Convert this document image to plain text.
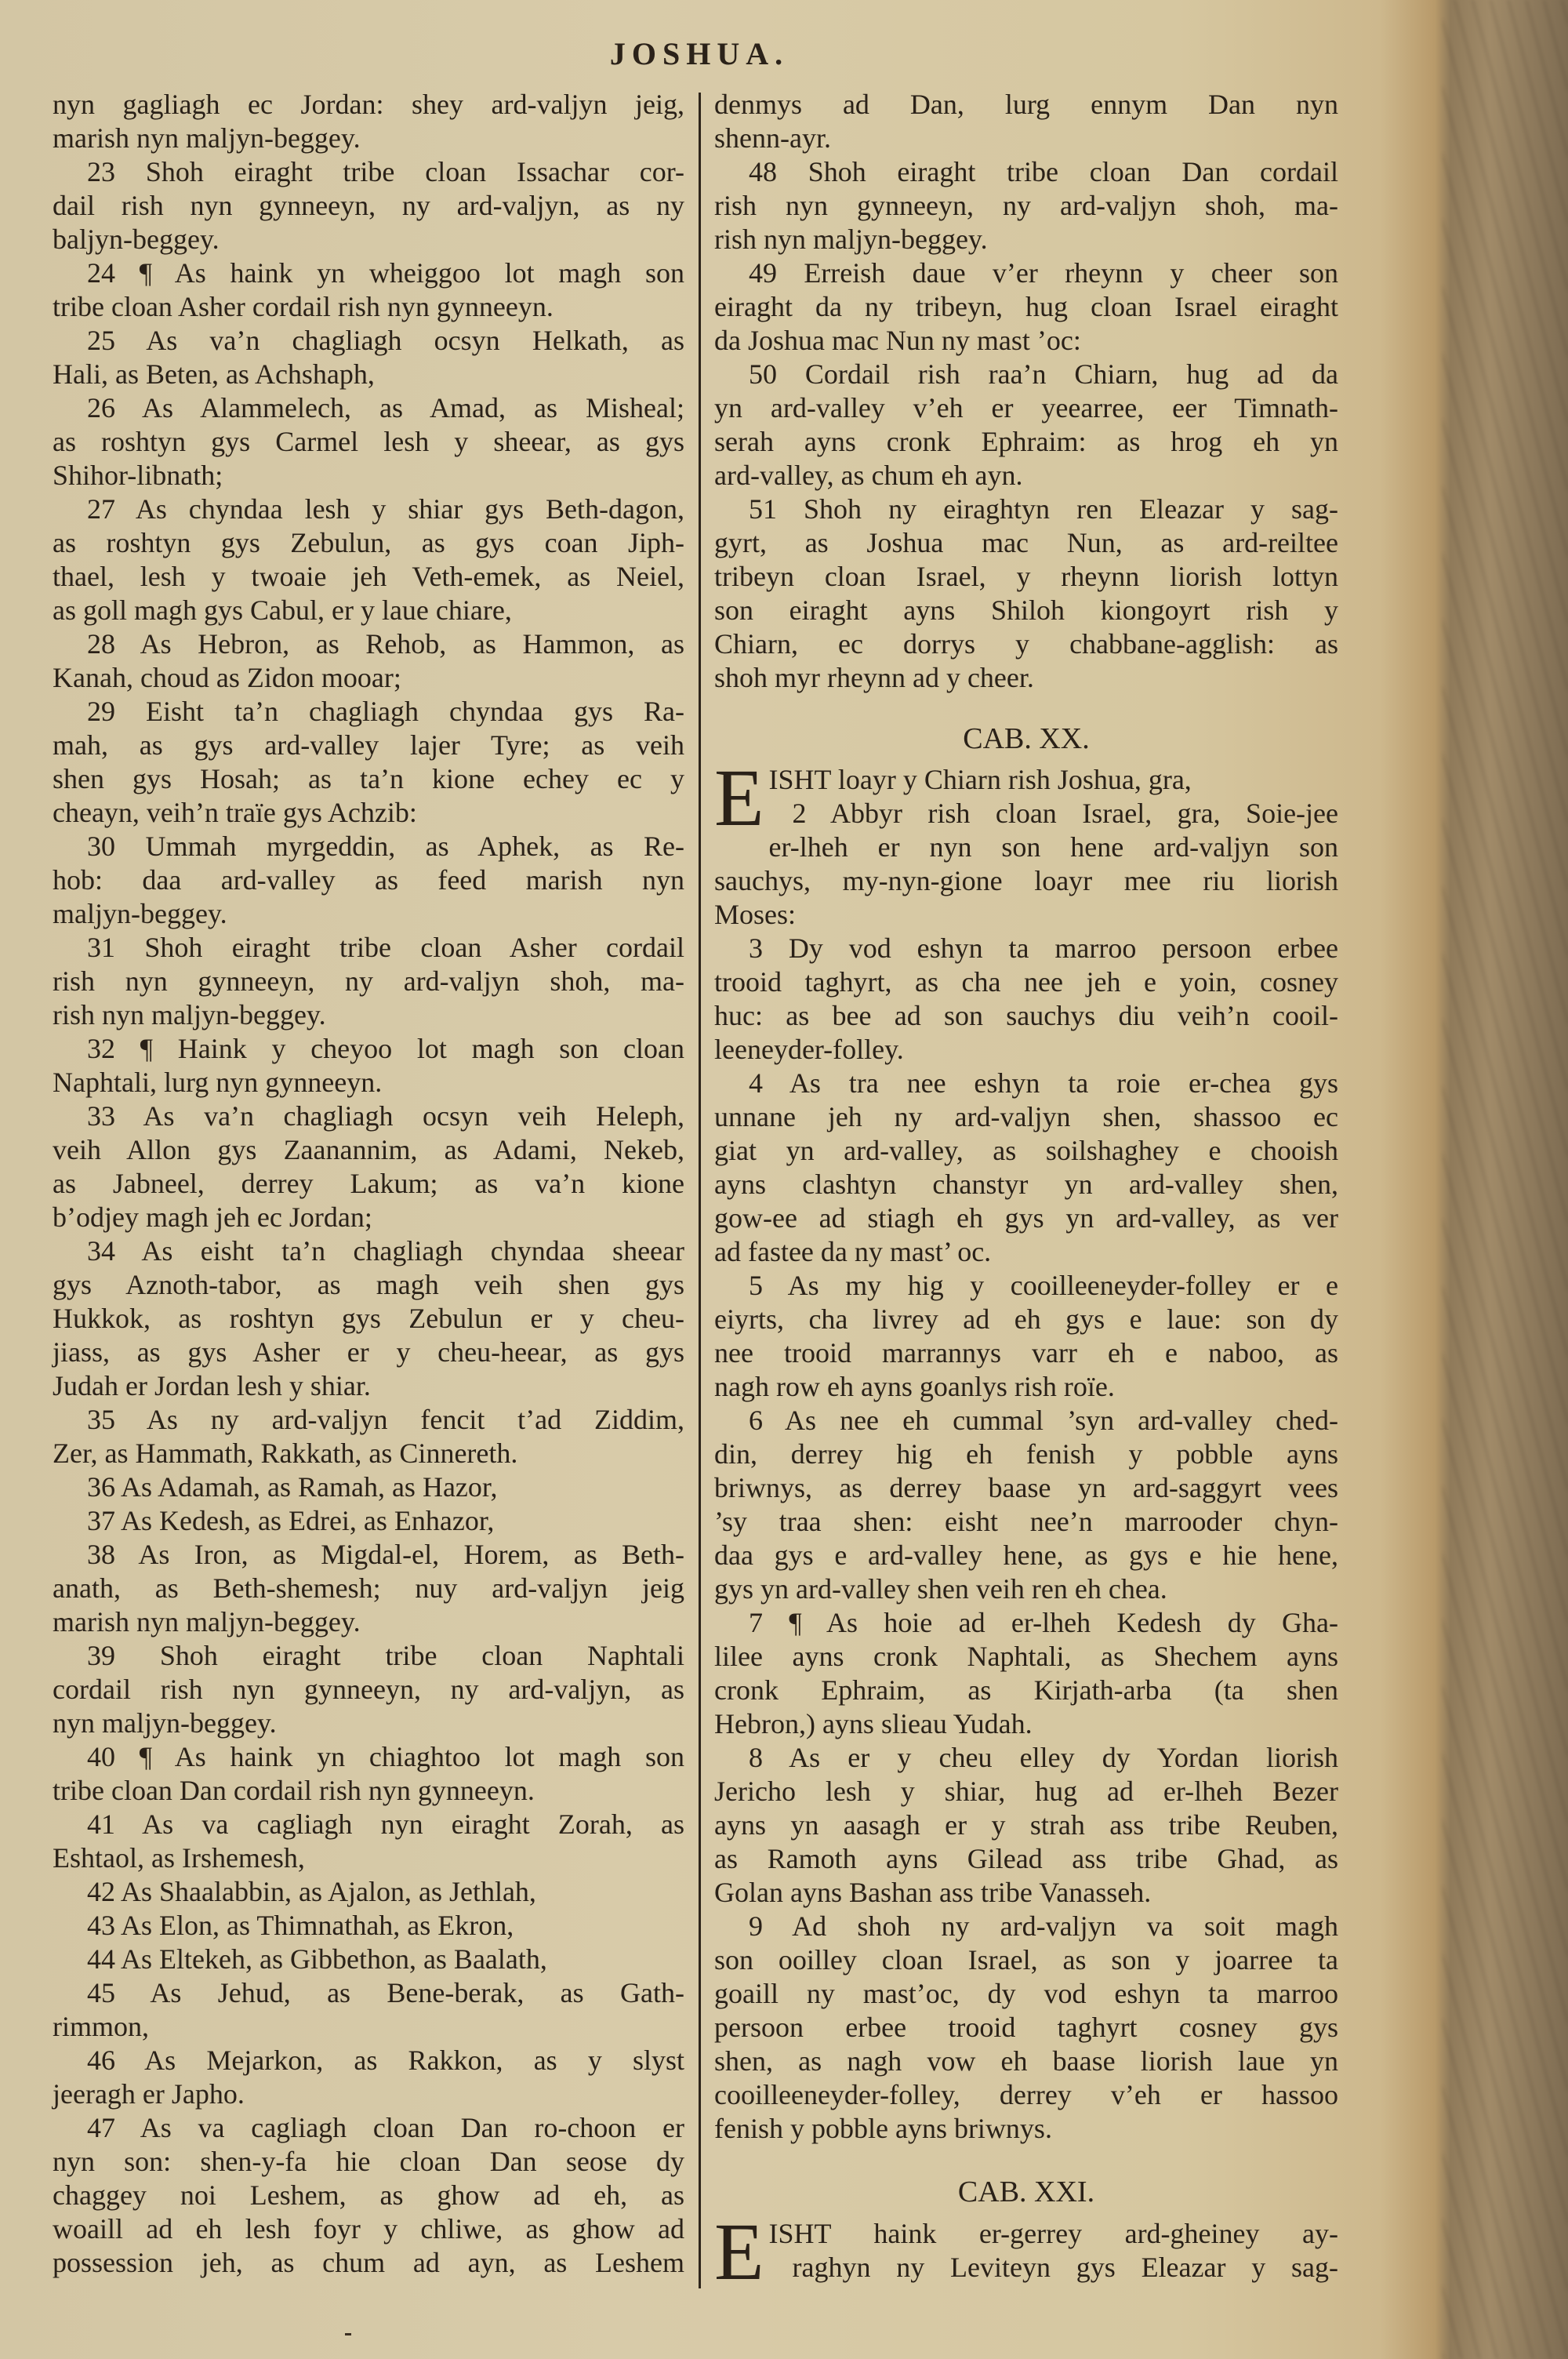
JOSHUA.
nyn gagliagh ec Jordan: shey ard-valjyn jeig,
marish nyn maljyn-beggey.
23 Shoh eiraght tribe cloan Issachar cor-
dail rish nyn gynneeyn, ny ard-valjyn, as ny
baljyn-beggey.
24 ¶ As haink yn wheiggoo lot magh son
tribe cloan Asher cordail rish nyn gynneeyn.
25 As va’n chagliagh ocsyn Helkath, as
Hali, as Beten, as Achshaph,
26 As Alammelech, as Amad, as Misheal;
as roshtyn gys Carmel lesh y sheear, as gys
Shihor-libnath;
27 As chyndaa lesh y shiar gys Beth-dagon,
as roshtyn gys Zebulun, as gys coan Jiph-
thael, lesh y twoaie jeh Veth-emek, as Neiel,
as goll magh gys Cabul, er y laue chiare,
28 As Hebron, as Rehob, as Hammon, as
Kanah, choud as Zidon mooar;
29 Eisht ta’n chagliagh chyndaa gys Ra-
mah, as gys ard-valley lajer Tyre; as veih
shen gys Hosah; as ta’n kione echey ec y
cheayn, veih’n traïe gys Achzib:
30 Ummah myrgeddin, as Aphek, as Re-
hob: daa ard-valley as feed marish nyn
maljyn-beggey.
31 Shoh eiraght tribe cloan Asher cordail
rish nyn gynneeyn, ny ard-valjyn shoh, ma-
rish nyn maljyn-beggey.
32 ¶ Haink y cheyoo lot magh son cloan
Naphtali, lurg nyn gynneeyn.
33 As va’n chagliagh ocsyn veih Heleph,
veih Allon gys Zaanannim, as Adami, Nekeb,
as Jabneel, derrey Lakum; as va’n kione
b’odjey magh jeh ec Jordan;
34 As eisht ta’n chagliagh chyndaa sheear
gys Aznoth-tabor, as magh veih shen gys
Hukkok, as roshtyn gys Zebulun er y cheu-
jiass, as gys Asher er y cheu-heear, as gys
Judah er Jordan lesh y shiar.
35 As ny ard-valjyn fencit t’ad Ziddim,
Zer, as Hammath, Rakkath, as Cinnereth.
36 As Adamah, as Ramah, as Hazor,
37 As Kedesh, as Edrei, as Enhazor,
38 As Iron, as Migdal-el, Horem, as Beth-
anath, as Beth-shemesh; nuy ard-valjyn jeig
marish nyn maljyn-beggey.
39 Shoh eiraght tribe cloan Naphtali
cordail rish nyn gynneeyn, ny ard-valjyn, as
nyn maljyn-beggey.
40 ¶ As haink yn chiaghtoo lot magh son
tribe cloan Dan cordail rish nyn gynneeyn.
41 As va cagliagh nyn eiraght Zorah, as
Eshtaol, as Irshemesh,
42 As Shaalabbin, as Ajalon, as Jethlah,
43 As Elon, as Thimnathah, as Ekron,
44 As Eltekeh, as Gibbethon, as Baalath,
45 As Jehud, as Bene-berak, as Gath-
rimmon,
46 As Mejarkon, as Rakkon, as y slyst
jeeragh er Japho.
47 As va cagliagh cloan Dan ro-choon er
nyn son: shen-y-fa hie cloan Dan seose dy
chaggey noi Leshem, as ghow ad eh, as
woaill ad eh lesh foyr y chliwe, as ghow ad
possession jeh, as chum ad ayn, as Leshem
denmys ad Dan, lurg ennym Dan nyn
shenn-ayr.
48 Shoh eiraght tribe cloan Dan cordail
rish nyn gynneeyn, ny ard-valjyn shoh, ma-
rish nyn maljyn-beggey.
49 Erreish daue v’er rheynn y cheer son
eiraght da ny tribeyn, hug cloan Israel eiraght
da Joshua mac Nun ny mast ’oc:
50 Cordail rish raa’n Chiarn, hug ad da
yn ard-valley v’eh er yeearree, eer Timnath-
serah ayns cronk Ephraim: as hrog eh yn
ard-valley, as chum eh ayn.
51 Shoh ny eiraghtyn ren Eleazar y sag-
gyrt, as Joshua mac Nun, as ard-reiltee
tribeyn cloan Israel, y rheynn liorish lottyn
son eiraght ayns Shiloh kiongoyrt rish y
Chiarn, ec dorrys y chabbane-agglish: as
shoh myr rheynn ad y cheer.
CAB. XX.
E ISHT loayr y Chiarn rish Joshua, gra,
2 Abbyr rish cloan Israel, gra, Soie-jee
er-lheh er nyn son hene ard-valjyn son
sauchys, my-nyn-gione loayr mee riu liorish
Moses:
3 Dy vod eshyn ta marroo persoon erbee
trooid taghyrt, as cha nee jeh e yoin, cosney
huc: as bee ad son sauchys diu veih’n cooil-
leeneyder-folley.
4 As tra nee eshyn ta roie er-chea gys
unnane jeh ny ard-valjyn shen, shassoo ec
giat yn ard-valley, as soilshaghey e chooish
ayns clashtyn chanstyr yn ard-valley shen,
gow-ee ad stiagh eh gys yn ard-valley, as ver
ad fastee da ny mast’ oc.
5 As my hig y cooilleeneyder-folley er e
eiyrts, cha livrey ad eh gys e laue: son dy
nee trooid marrannys varr eh e naboo, as
nagh row eh ayns goanlys rish roïe.
6 As nee eh cummal ’syn ard-valley ched-
din, derrey hig eh fenish y pobble ayns
briwnys, as derrey baase yn ard-saggyrt vees
’sy traa shen: eisht nee’n marrooder chyn-
daa gys e ard-valley hene, as gys e hie hene,
gys yn ard-valley shen veih ren eh chea.
7 ¶ As hoie ad er-lheh Kedesh dy Gha-
lilee ayns cronk Naphtali, as Shechem ayns
cronk Ephraim, as Kirjath-arba (ta shen
Hebron,) ayns slieau Yudah.
8 As er y cheu elley dy Yordan liorish
Jericho lesh y shiar, hug ad er-lheh Bezer
ayns yn aasagh er y strah ass tribe Reuben,
as Ramoth ayns Gilead ass tribe Ghad, as
Golan ayns Bashan ass tribe Vanasseh.
9 Ad shoh ny ard-valjyn va soit magh
son ooilley cloan Israel, as son y joarree ta
goaill ny mast’oc, dy vod eshyn ta marroo
persoon erbee trooid taghyrt cosney gys
shen, as nagh vow eh baase liorish laue yn
cooilleeneyder-folley, derrey v’eh er hassoo
fenish y pobble ayns briwnys.
CAB. XXI.
E ISHT haink er-gerrey ard-gheiney ay-
raghyn ny Leviteyn gys Eleazar y sag-
